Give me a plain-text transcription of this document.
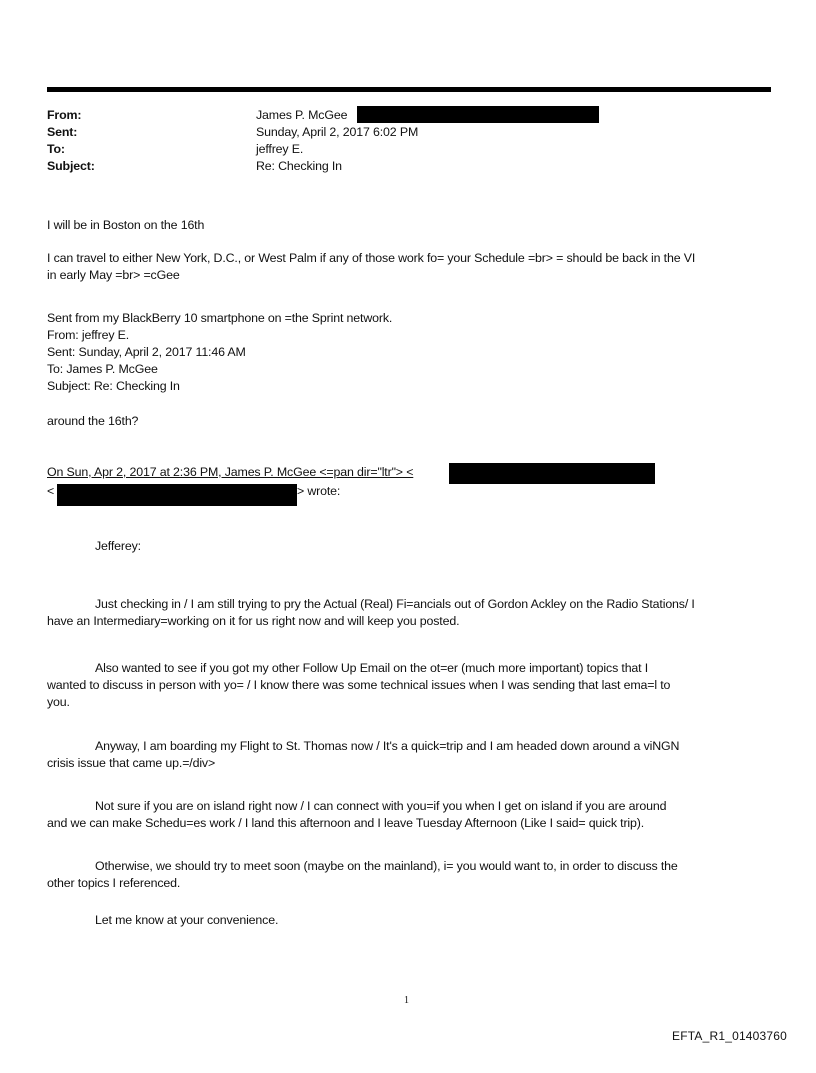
From:	James P. McGee
Sent:	Sunday, April 2, 2017 6:02 PM
To:	jeffrey E.
Subject:	Re: Checking In
I will be in Boston on the 16th
I can travel to either New York, D.C., or West Palm if any of those work fo= your Schedule =br> = should be back in the VI
in early May =br> =cGee
Sent from my BlackBerry 10 smartphone on =the Sprint network.
From: jeffrey E.
Sent: Sunday, April 2, 2017 11:46 AM
To: James P. McGee
Subject: Re: Checking In
around the 16th?
On Sun, Apr 2, 2017 at 2:36 PM, James P. McGee <=pan dir="ltr"> <
<	> wrote:
Jefferey:
Just checking in / I am still trying to pry the Actual (Real) Fi=ancials out of Gordon Ackley on the Radio Stations/ I
have an Intermediary=working on it for us right now and will keep you posted.
Also wanted to see if you got my other Follow Up Email on the ot=er (much more important) topics that I
wanted to discuss in person with yo= / I know there was some technical issues when I was sending that last ema=l to
you.
Anyway, I am boarding my Flight to St. Thomas now / It's a quick=trip and I am headed down around a viNGN
crisis issue that came up.=/div>
Not sure if you are on island right now / I can connect with you=if you when I get on island if you are around
and we can make Schedu=es work / I land this afternoon and I leave Tuesday Afternoon (Like I said= quick trip).
Otherwise, we should try to meet soon (maybe on the mainland), i= you would want to, in order to discuss the
other topics I referenced.
Let me know at your convenience.
1
EFTA_R1_01403760
